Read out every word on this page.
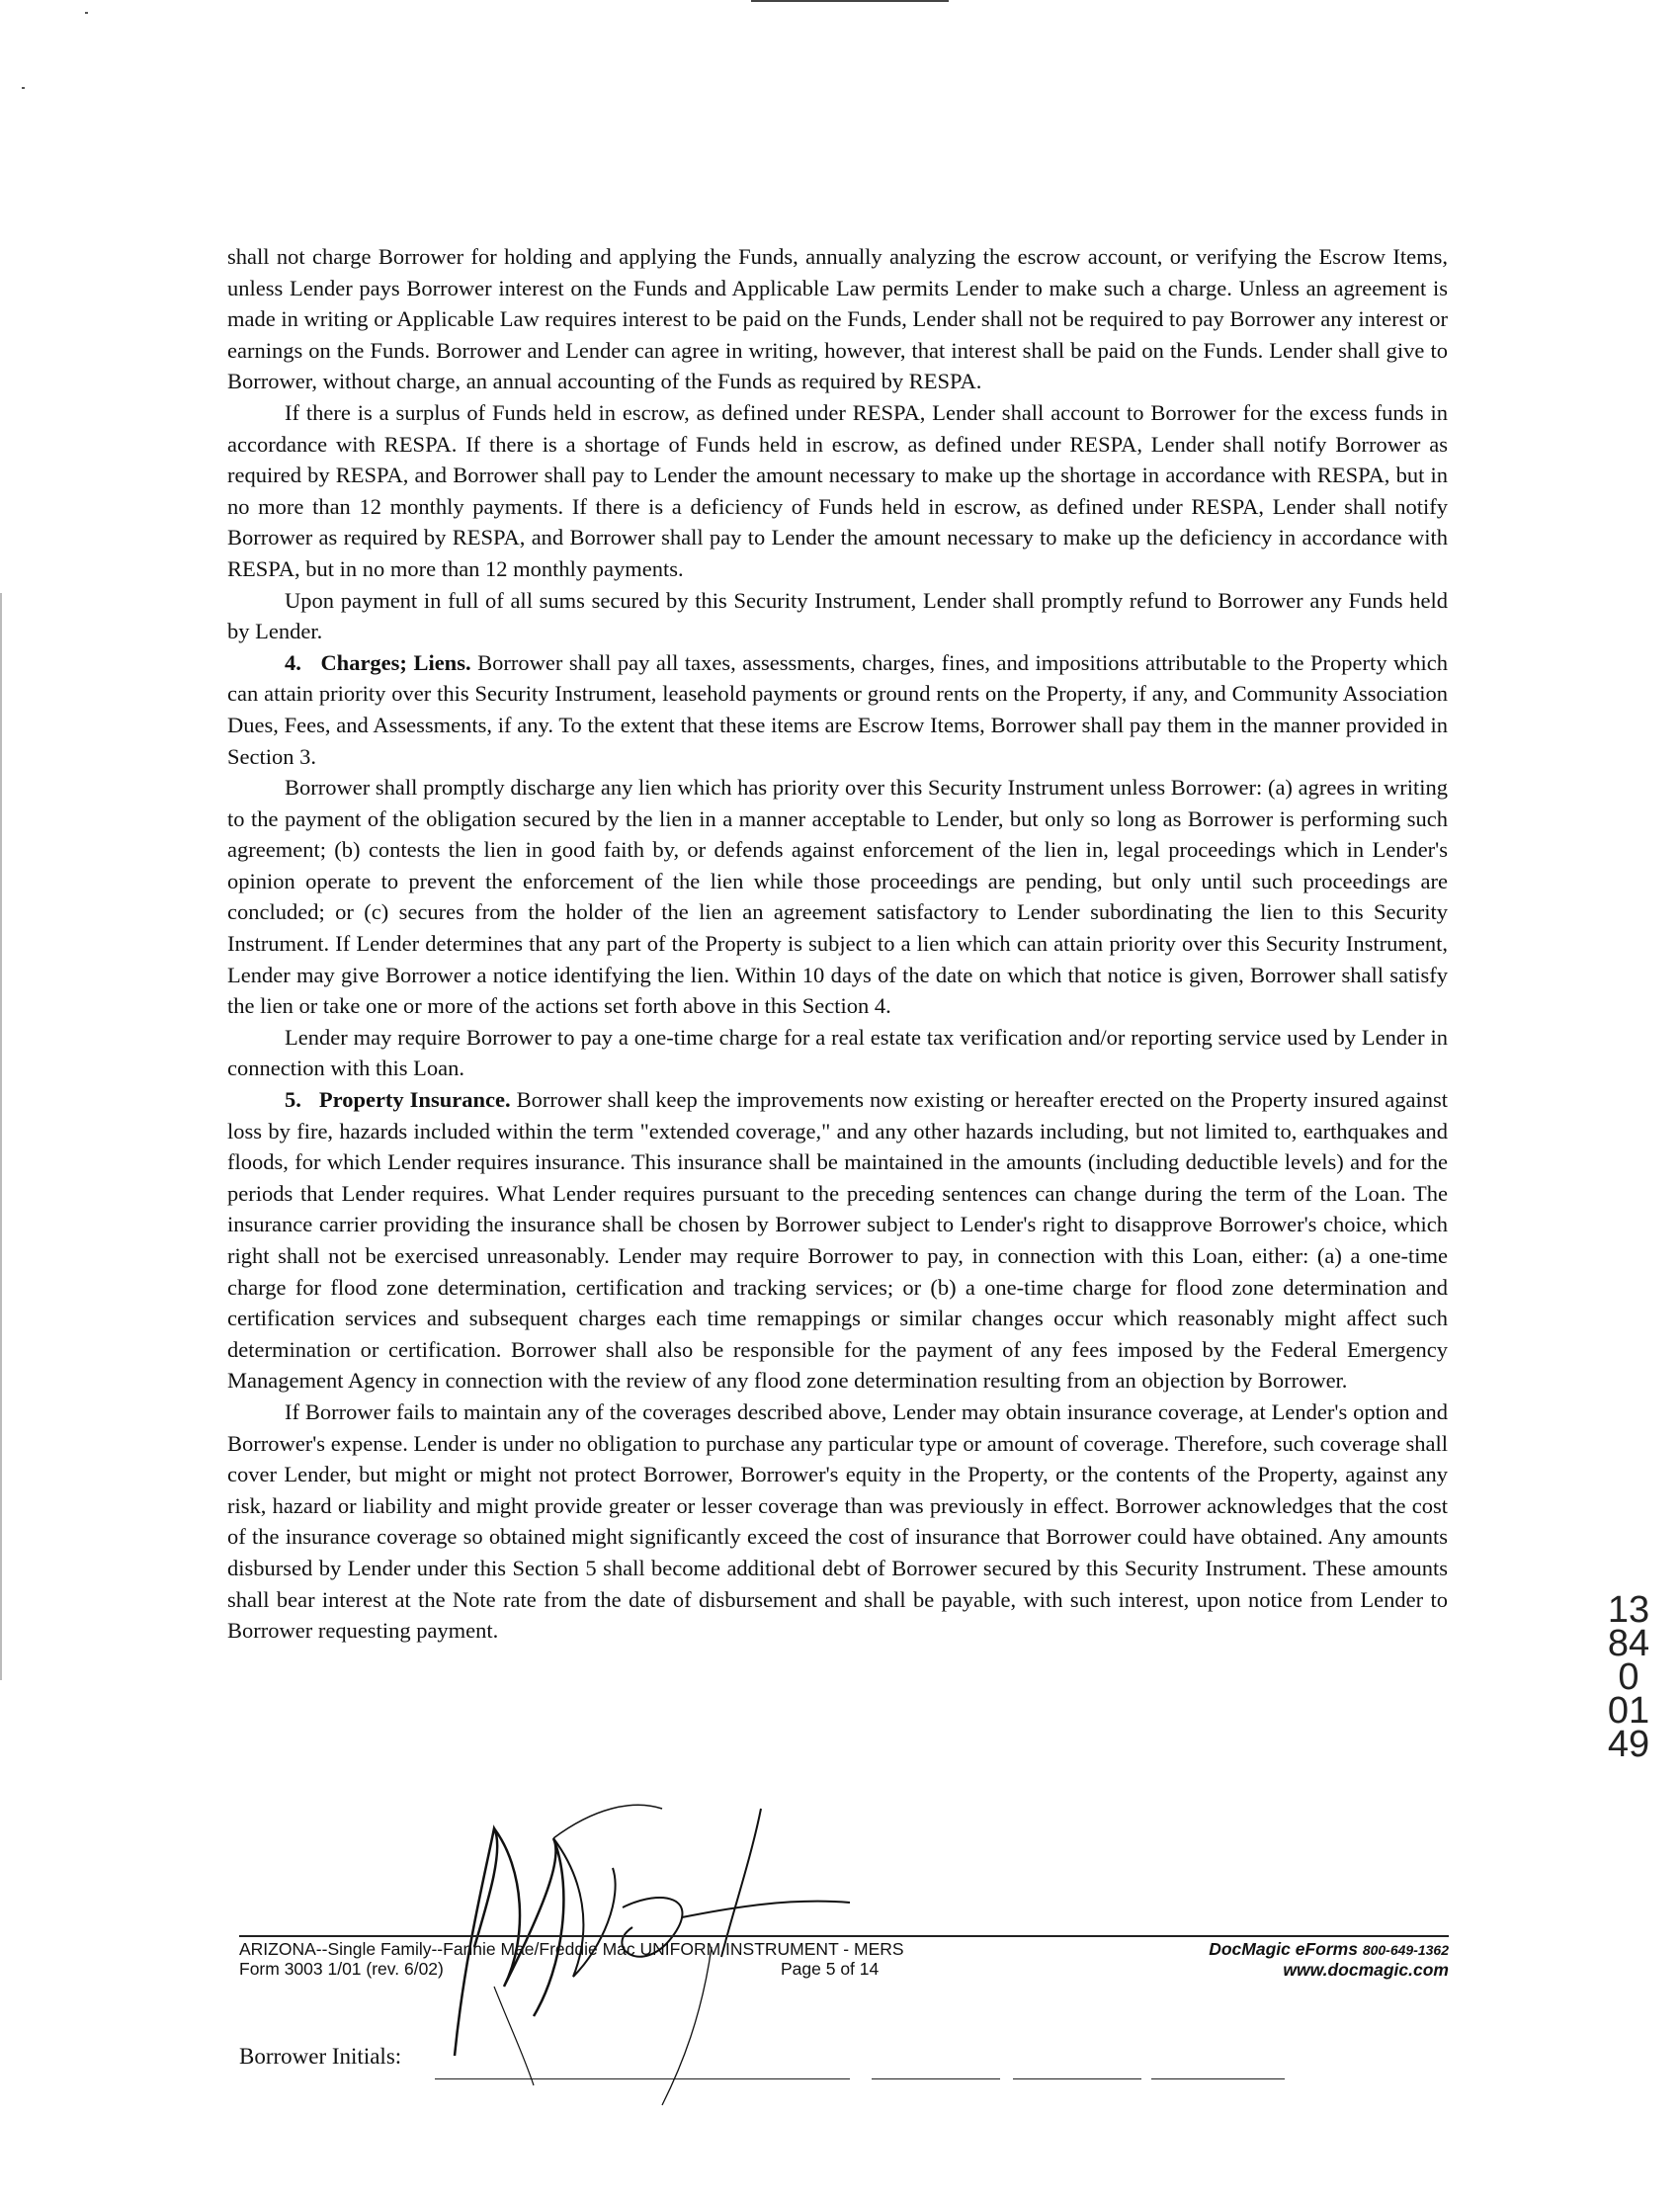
shall not charge Borrower for holding and applying the Funds, annually analyzing the escrow account, or verifying the Escrow Items, unless Lender pays Borrower interest on the Funds and Applicable Law permits Lender to make such a charge. Unless an agreement is made in writing or Applicable Law requires interest to be paid on the Funds, Lender shall not be required to pay Borrower any interest or earnings on the Funds. Borrower and Lender can agree in writing, however, that interest shall be paid on the Funds. Lender shall give to Borrower, without charge, an annual accounting of the Funds as required by RESPA.

If there is a surplus of Funds held in escrow, as defined under RESPA, Lender shall account to Borrower for the excess funds in accordance with RESPA. If there is a shortage of Funds held in escrow, as defined under RESPA, Lender shall notify Borrower as required by RESPA, and Borrower shall pay to Lender the amount necessary to make up the shortage in accordance with RESPA, but in no more than 12 monthly payments. If there is a deficiency of Funds held in escrow, as defined under RESPA, Lender shall notify Borrower as required by RESPA, and Borrower shall pay to Lender the amount necessary to make up the deficiency in accordance with RESPA, but in no more than 12 monthly payments.

Upon payment in full of all sums secured by this Security Instrument, Lender shall promptly refund to Borrower any Funds held by Lender.

4. Charges; Liens. Borrower shall pay all taxes, assessments, charges, fines, and impositions attributable to the Property which can attain priority over this Security Instrument, leasehold payments or ground rents on the Property, if any, and Community Association Dues, Fees, and Assessments, if any. To the extent that these items are Escrow Items, Borrower shall pay them in the manner provided in Section 3.

Borrower shall promptly discharge any lien which has priority over this Security Instrument unless Borrower: (a) agrees in writing to the payment of the obligation secured by the lien in a manner acceptable to Lender, but only so long as Borrower is performing such agreement; (b) contests the lien in good faith by, or defends against enforcement of the lien in, legal proceedings which in Lender's opinion operate to prevent the enforcement of the lien while those proceedings are pending, but only until such proceedings are concluded; or (c) secures from the holder of the lien an agreement satisfactory to Lender subordinating the lien to this Security Instrument. If Lender determines that any part of the Property is subject to a lien which can attain priority over this Security Instrument, Lender may give Borrower a notice identifying the lien. Within 10 days of the date on which that notice is given, Borrower shall satisfy the lien or take one or more of the actions set forth above in this Section 4.

Lender may require Borrower to pay a one-time charge for a real estate tax verification and/or reporting service used by Lender in connection with this Loan.

5. Property Insurance. Borrower shall keep the improvements now existing or hereafter erected on the Property insured against loss by fire, hazards included within the term "extended coverage," and any other hazards including, but not limited to, earthquakes and floods, for which Lender requires insurance. This insurance shall be maintained in the amounts (including deductible levels) and for the periods that Lender requires. What Lender requires pursuant to the preceding sentences can change during the term of the Loan. The insurance carrier providing the insurance shall be chosen by Borrower subject to Lender's right to disapprove Borrower's choice, which right shall not be exercised unreasonably. Lender may require Borrower to pay, in connection with this Loan, either: (a) a one-time charge for flood zone determination, certification and tracking services; or (b) a one-time charge for flood zone determination and certification services and subsequent charges each time remappings or similar changes occur which reasonably might affect such determination or certification. Borrower shall also be responsible for the payment of any fees imposed by the Federal Emergency Management Agency in connection with the review of any flood zone determination resulting from an objection by Borrower.

If Borrower fails to maintain any of the coverages described above, Lender may obtain insurance coverage, at Lender's option and Borrower's expense. Lender is under no obligation to purchase any particular type or amount of coverage. Therefore, such coverage shall cover Lender, but might or might not protect Borrower, Borrower's equity in the Property, or the contents of the Property, against any risk, hazard or liability and might provide greater or lesser coverage than was previously in effect. Borrower acknowledges that the cost of the insurance coverage so obtained might significantly exceed the cost of insurance that Borrower could have obtained. Any amounts disbursed by Lender under this Section 5 shall become additional debt of Borrower secured by this Security Instrument. These amounts shall bear interest at the Note rate from the date of disbursement and shall be payable, with such interest, upon notice from Lender to Borrower requesting payment.

Borrower Initials:
ARIZONA--Single Family--Fannie Mae/Freddie Mac UNIFORM INSTRUMENT - MERS
Form 3003 1/01 (rev. 6/02)	Page 5 of 14
DocMagic eForms 800-649-1362
www.docmagic.com
13840 0149
